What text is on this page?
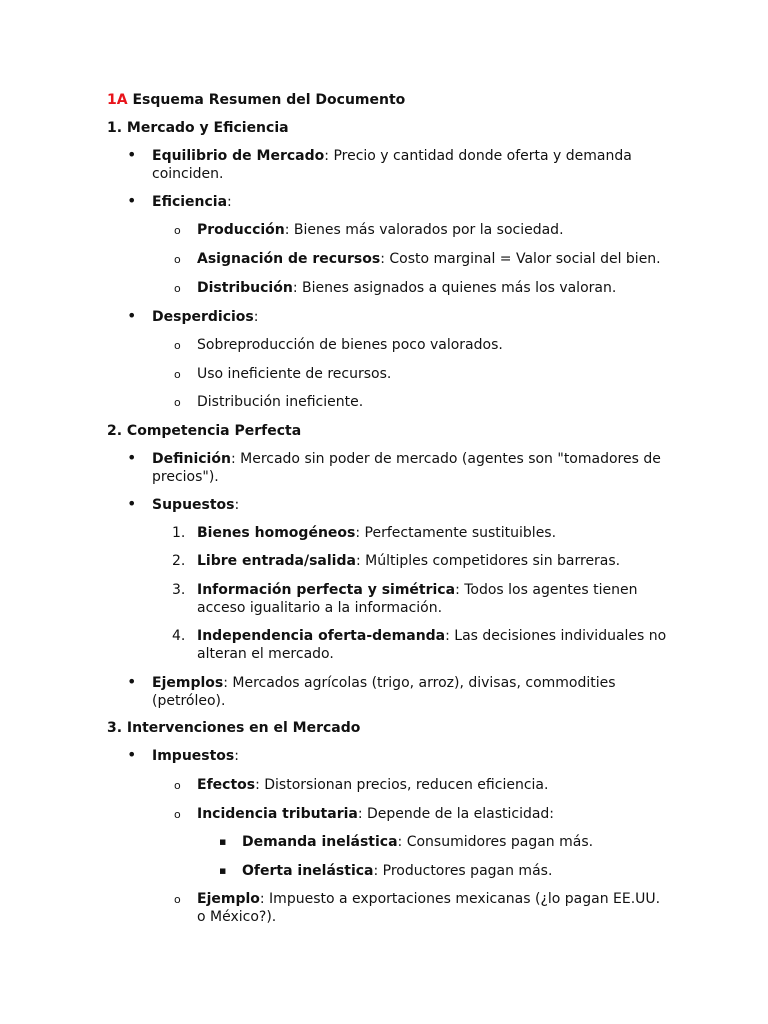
1A Esquema Resumen del Documento
1. Mercado y Eficiencia
• Equilibrio de Mercado: Precio y cantidad donde oferta y demanda
coinciden.
• Eficiencia:
o Producción: Bienes más valorados por la sociedad.
o Asignación de recursos: Costo marginal = Valor social del bien.
o Distribución: Bienes asignados a quienes más los valoran.
• Desperdicios:
o Sobreproducción de bienes poco valorados.
o Uso ineficiente de recursos.
o Distribución ineficiente.
2. Competencia Perfecta
• Definición: Mercado sin poder de mercado (agentes son "tomadores de
precios").
• Supuestos:
1. Bienes homogéneos: Perfectamente sustituibles.
2. Libre entrada/salida: Múltiples competidores sin barreras.
3. Información perfecta y simétrica: Todos los agentes tienen
acceso igualitario a la información.
4. Independencia oferta-demanda: Las decisiones individuales no
alteran el mercado.
• Ejemplos: Mercados agrícolas (trigo, arroz), divisas, commodities
(petróleo).
3. Intervenciones en el Mercado
• Impuestos:
o Efectos: Distorsionan precios, reducen eficiencia.
o Incidencia tributaria: Depende de la elasticidad:
▪ Demanda inelástica: Consumidores pagan más.
▪ Oferta inelástica: Productores pagan más.
o Ejemplo: Impuesto a exportaciones mexicanas (¿lo pagan EE.UU.
o México?).
